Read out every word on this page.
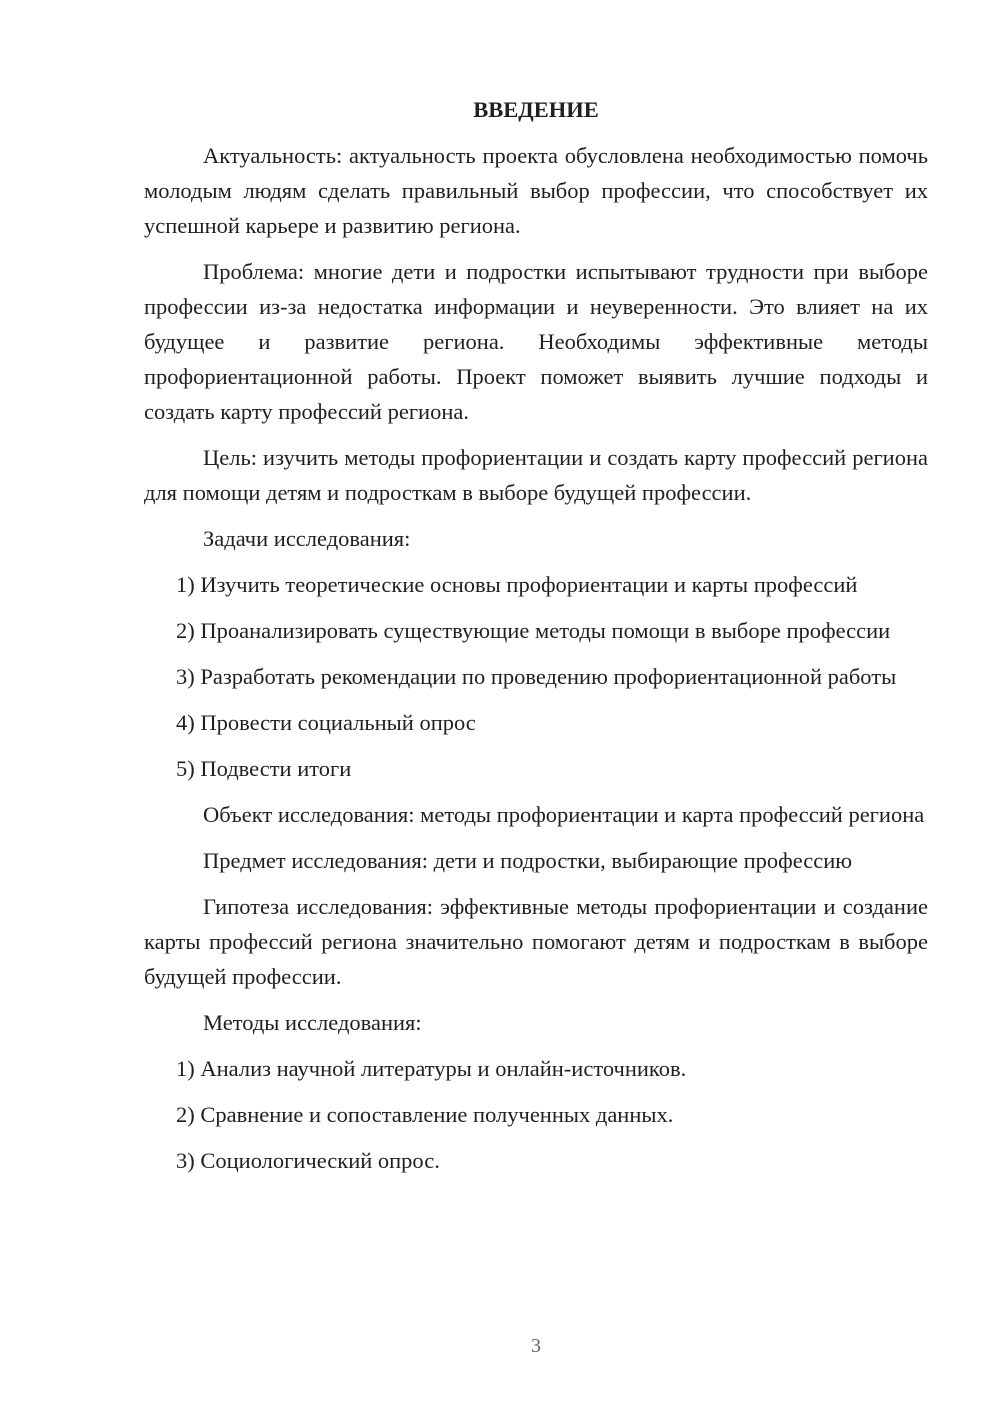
ВВЕДЕНИЕ

Актуальность: актуальность проекта обусловлена необходимостью помочь молодым людям сделать правильный выбор профессии, что способствует их успешной карьере и развитию региона.

Проблема: многие дети и подростки испытывают трудности при выборе профессии из-за недостатка информации и неуверенности. Это влияет на их будущее и развитие региона. Необходимы эффективные методы профориентационной работы. Проект поможет выявить лучшие подходы и создать карту профессий региона.

Цель: изучить методы профориентации и создать карту профессий региона для помощи детям и подросткам в выборе будущей профессии.

Задачи исследования:

1) Изучить теоретические основы профориентации и карты профессий

2) Проанализировать существующие методы помощи в выборе профессии

3) Разработать рекомендации по проведению профориентационной работы

4) Провести социальный опрос

5) Подвести итоги

Объект исследования: методы профориентации и карта профессий региона

Предмет исследования: дети и подростки, выбирающие профессию

Гипотеза исследования: эффективные методы профориентации и создание карты профессий региона значительно помогают детям и подросткам в выборе будущей профессии.

Методы исследования:

1) Анализ научной литературы и онлайн-источников.

2) Сравнение и сопоставление полученных данных.

3) Социологический опрос.

3
